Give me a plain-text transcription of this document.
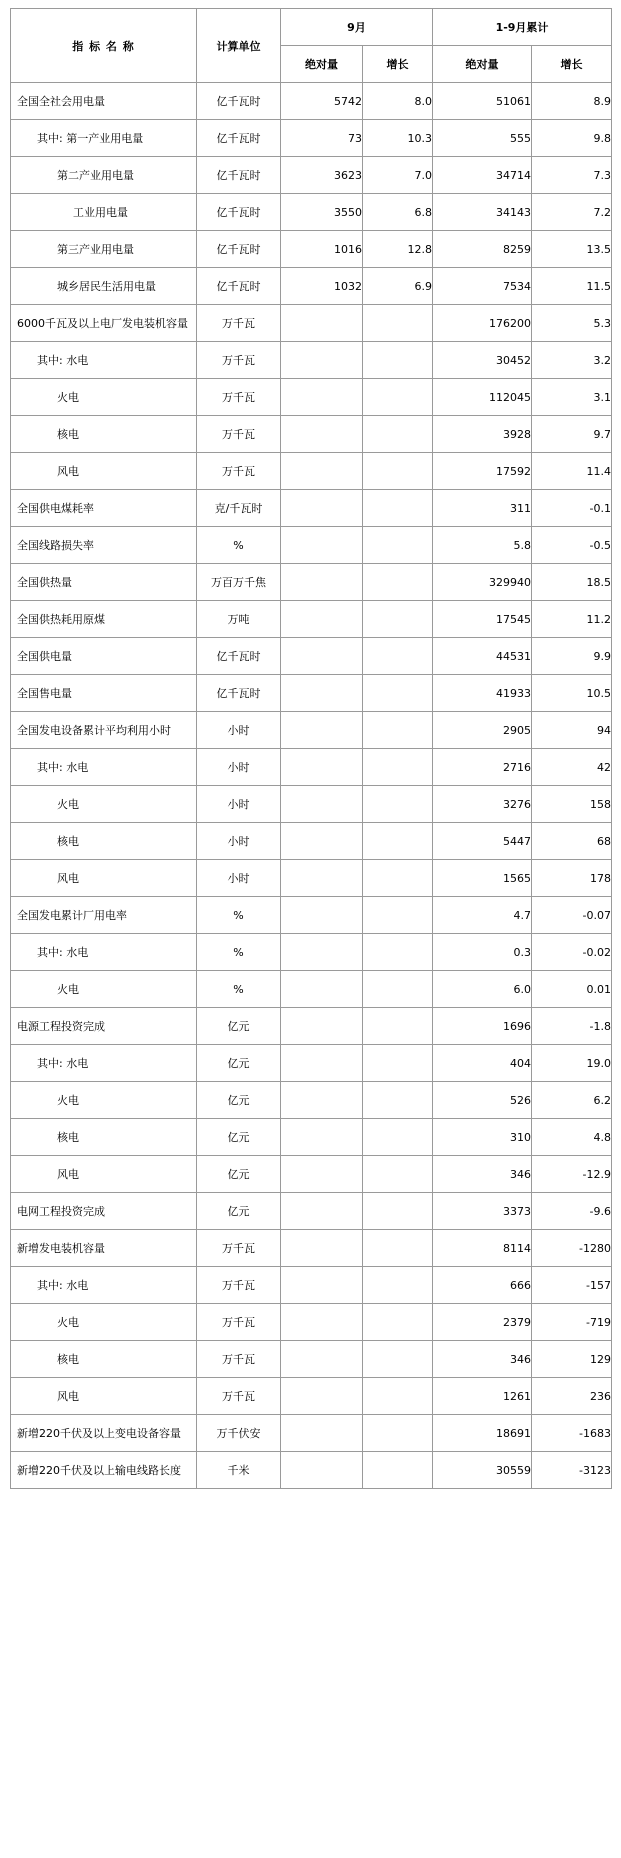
指 标 名 称	计算单位	9月		1-9月累计	
		绝对量	增长	绝对量	增长
全国全社会用电量	亿千瓦时	5742	8.0	51061	8.9
其中: 第一产业用电量	亿千瓦时	73	10.3	555	9.8
第二产业用电量	亿千瓦时	3623	7.0	34714	7.3
工业用电量	亿千瓦时	3550	6.8	34143	7.2
第三产业用电量	亿千瓦时	1016	12.8	8259	13.5
城乡居民生活用电量	亿千瓦时	1032	6.9	7534	11.5
6000千瓦及以上电厂发电装机容量	万千瓦			176200	5.3
其中: 水电	万千瓦			30452	3.2
火电	万千瓦			112045	3.1
核电	万千瓦			3928	9.7
风电	万千瓦			17592	11.4
全国供电煤耗率	克/千瓦时			311	-0.1
全国线路损失率	%			5.8	-0.5
全国供热量	万百万千焦			329940	18.5
全国供热耗用原煤	万吨			17545	11.2
全国供电量	亿千瓦时			44531	9.9
全国售电量	亿千瓦时			41933	10.5
全国发电设备累计平均利用小时	小时			2905	94
其中: 水电	小时			2716	42
火电	小时			3276	158
核电	小时			5447	68
风电	小时			1565	178
全国发电累计厂用电率	%			4.7	-0.07
其中: 水电	%			0.3	-0.02
火电	%			6.0	0.01
电源工程投资完成	亿元			1696	-1.8
其中: 水电	亿元			404	19.0
火电	亿元			526	6.2
核电	亿元			310	4.8
风电	亿元			346	-12.9
电网工程投资完成	亿元			3373	-9.6
新增发电装机容量	万千瓦			8114	-1280
其中: 水电	万千瓦			666	-157
火电	万千瓦			2379	-719
核电	万千瓦			346	129
风电	万千瓦			1261	236
新增220千伏及以上变电设备容量	万千伏安			18691	-1683
新增220千伏及以上输电线路长度	千米			30559	-3123
